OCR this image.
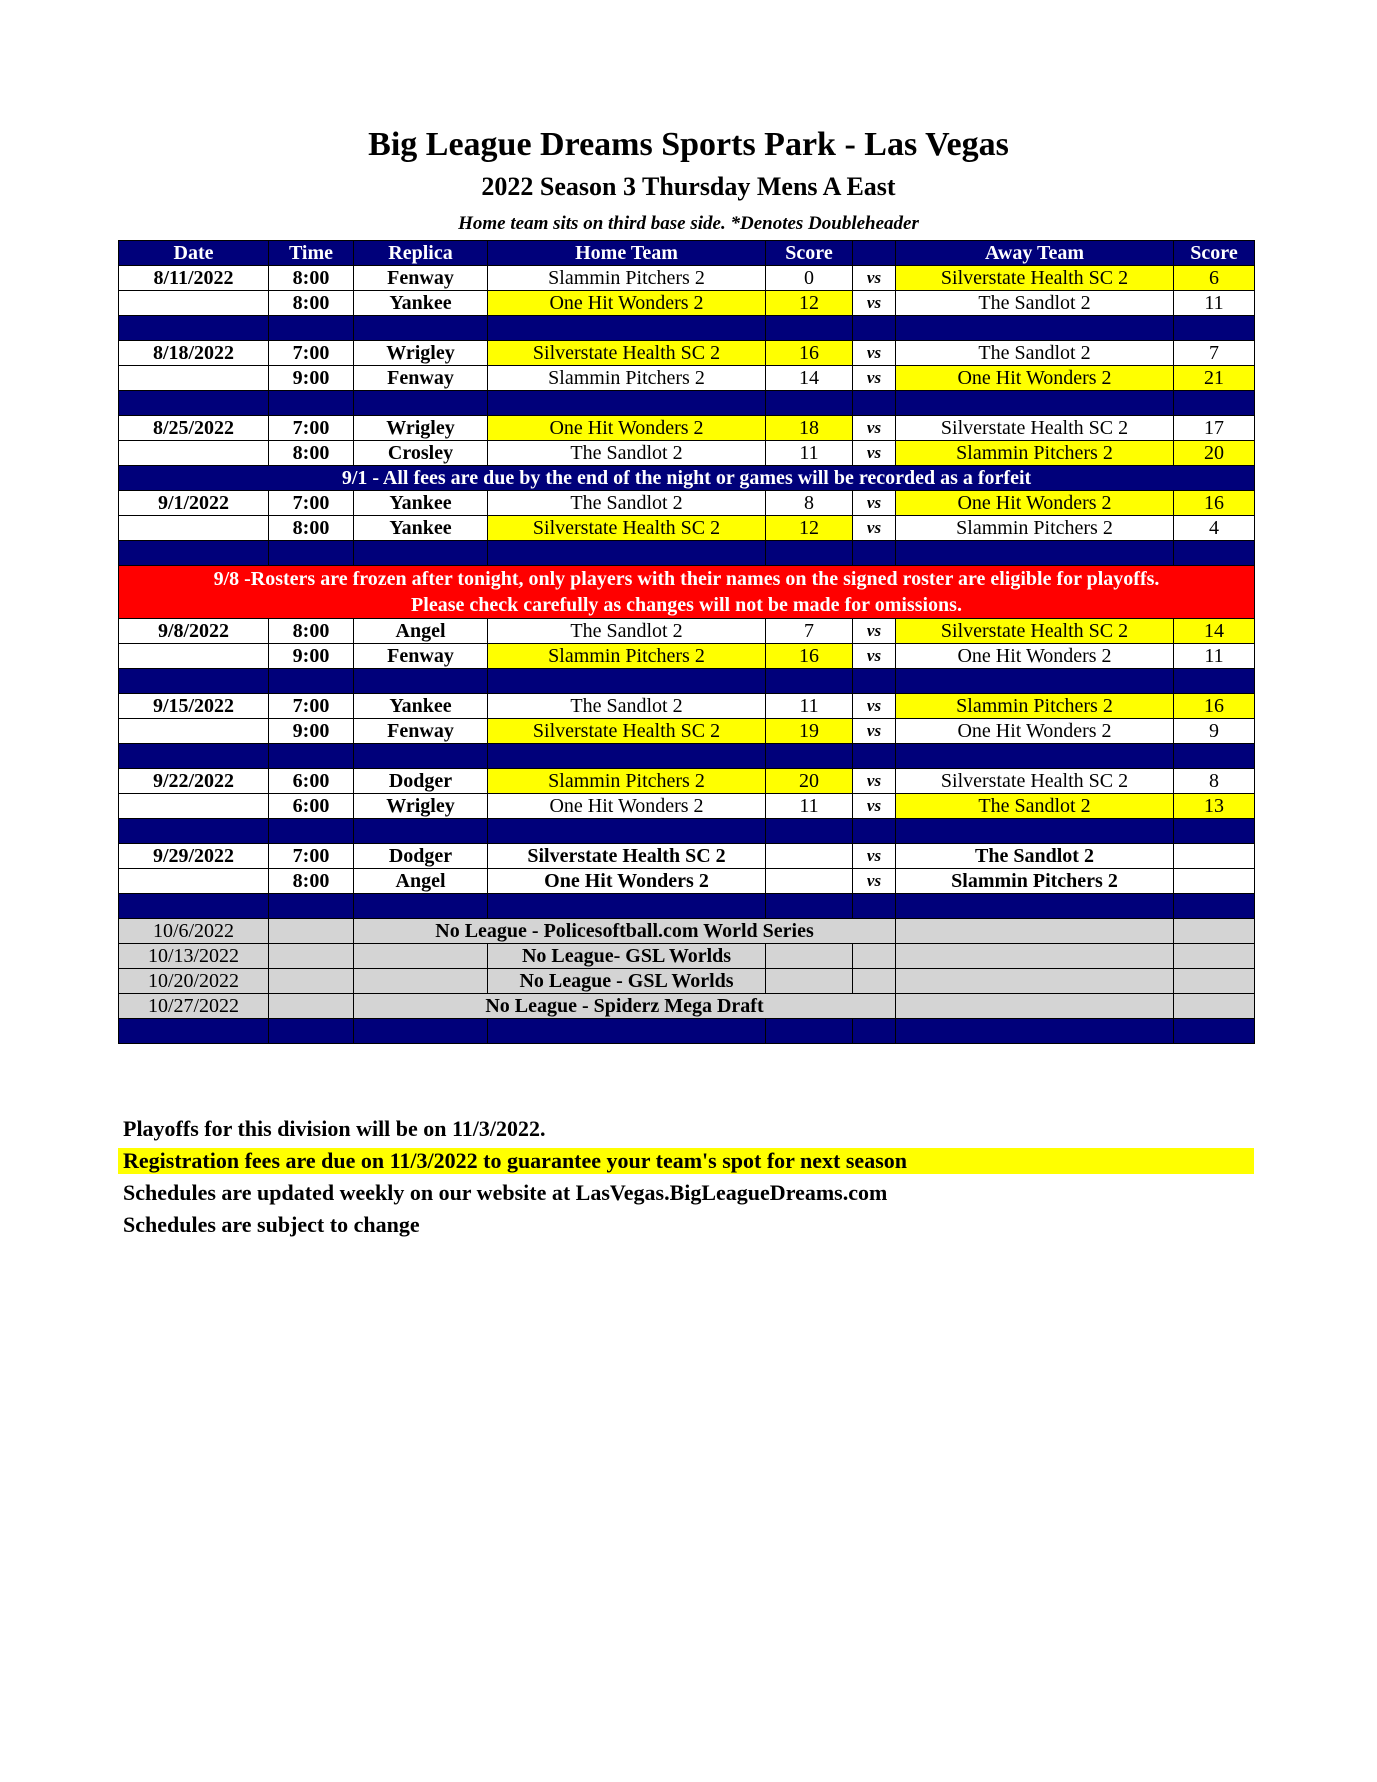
Big League Dreams Sports Park - Las Vegas
2022 Season 3 Thursday Mens A East
Home team sits on third base side. *Denotes Doubleheader
Date	Time	Replica	Home Team	Score		Away Team	Score
8/11/2022	8:00	Fenway	Slammin Pitchers 2	0	vs	Silverstate Health SC 2	6
	8:00	Yankee	One Hit Wonders 2	12	vs	The Sandlot 2	11

8/18/2022	7:00	Wrigley	Silverstate Health SC 2	16	vs	The Sandlot 2	7
	9:00	Fenway	Slammin Pitchers 2	14	vs	One Hit Wonders 2	21

8/25/2022	7:00	Wrigley	One Hit Wonders 2	18	vs	Silverstate Health SC 2	17
	8:00	Crosley	The Sandlot 2	11	vs	Slammin Pitchers 2	20
9/1 - All fees are due by the end of the night or games will be recorded as a forfeit							
9/1/2022	7:00	Yankee	The Sandlot 2	8	vs	One Hit Wonders 2	16
	8:00	Yankee	Silverstate Health SC 2	12	vs	Slammin Pitchers 2	4

9/8 -Rosters are frozen after tonight, only players with their names on the signed roster are eligible for playoffs.
Please check carefully as changes will not be made for omissions.							

9/8/2022	8:00	Angel	The Sandlot 2	7	vs	Silverstate Health SC 2	14
	9:00	Fenway	Slammin Pitchers 2	16	vs	One Hit Wonders 2	11

9/15/2022	7:00	Yankee	The Sandlot 2	11	vs	Slammin Pitchers 2	16
	9:00	Fenway	Silverstate Health SC 2	19	vs	One Hit Wonders 2	9

9/22/2022	6:00	Dodger	Slammin Pitchers 2	20	vs	Silverstate Health SC 2	8
	6:00	Wrigley	One Hit Wonders 2	11	vs	The Sandlot 2	13

9/29/2022	7:00	Dodger	Silverstate Health SC 2		vs	The Sandlot 2	
	8:00	Angel	One Hit Wonders 2		vs	Slammin Pitchers 2	

10/6/2022		No League - Policesoftball.com World Series					
10/13/2022			No League- GSL Worlds				
10/20/2022			No League - GSL Worlds				
10/27/2022		No League - Spiderz Mega Draft					

Playoffs for this division will be on 11/3/2022.
Registration fees are due on 11/3/2022 to guarantee your team's spot for next season
Schedules are updated weekly on our website at LasVegas.BigLeagueDreams.com
Schedules are subject to change
